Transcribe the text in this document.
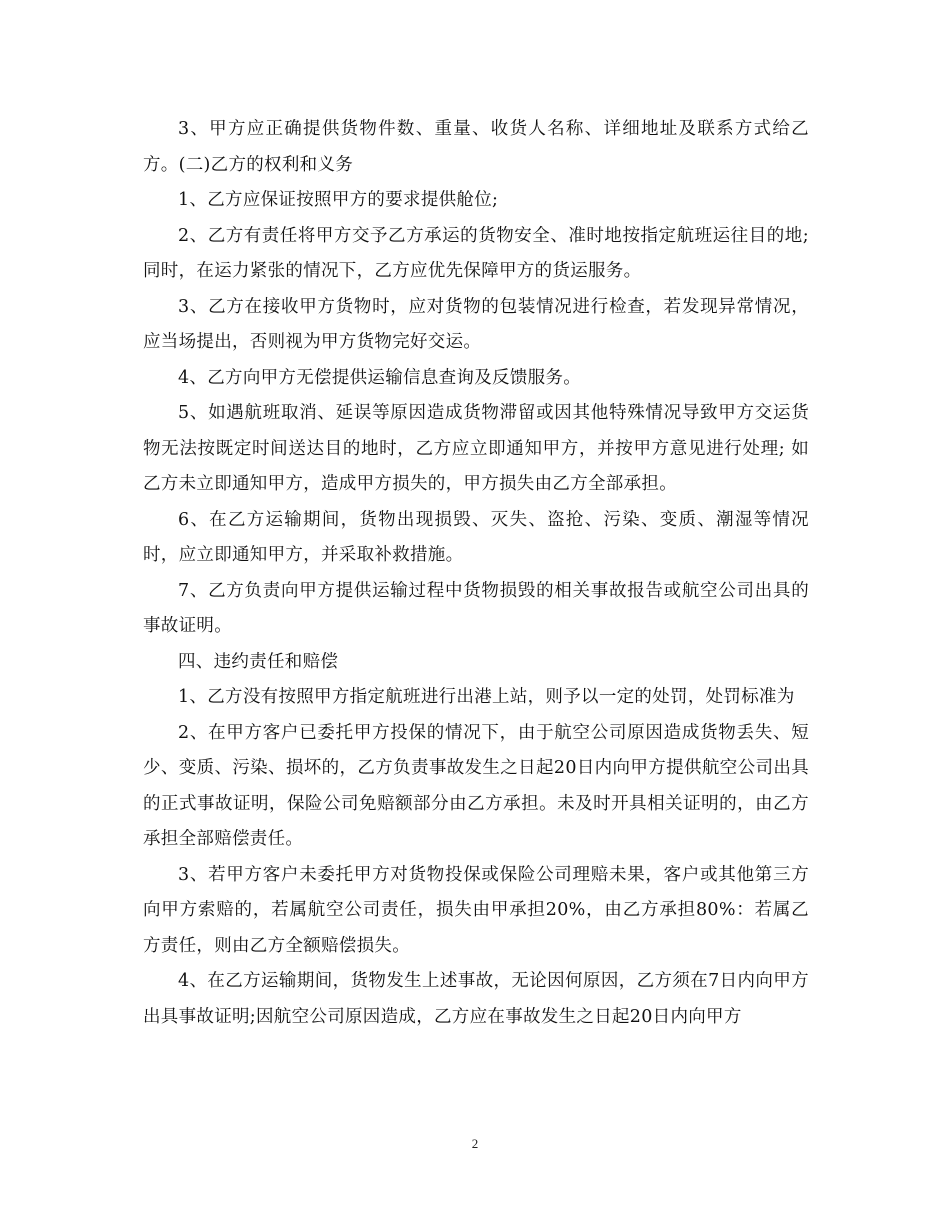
3、甲方应正确提供货物件数、重量、收货人名称、详细地址及联系方式给乙方。(二)乙方的权利和义务

1、乙方应保证按照甲方的要求提供舱位;

2、乙方有责任将甲方交予乙方承运的货物安全、准时地按指定航班运往目的地;同时，在运力紧张的情况下，乙方应优先保障甲方的货运服务。

3、乙方在接收甲方货物时，应对货物的包装情况进行检查，若发现异常情况，应当场提出，否则视为甲方货物完好交运。

4、乙方向甲方无偿提供运输信息查询及反馈服务。

5、如遇航班取消、延误等原因造成货物滞留或因其他特殊情况导致甲方交运货物无法按既定时间送达目的地时，乙方应立即通知甲方，并按甲方意见进行处理; 如乙方未立即通知甲方，造成甲方损失的，甲方损失由乙方全部承担。

6、在乙方运输期间，货物出现损毁、灭失、盗抢、污染、变质、潮湿等情况时，应立即通知甲方，并采取补救措施。

7、乙方负责向甲方提供运输过程中货物损毁的相关事故报告或航空公司出具的事故证明。

四、违约责任和赔偿

1、乙方没有按照甲方指定航班进行出港上站，则予以一定的处罚，处罚标准为

2、在甲方客户已委托甲方投保的情况下，由于航空公司原因造成货物丢失、短少、变质、污染、损坏的，乙方负责事故发生之日起20日内向甲方提供航空公司出具的正式事故证明，保险公司免赔额部分由乙方承担。未及时开具相关证明的，由乙方承担全部赔偿责任。

3、若甲方客户未委托甲方对货物投保或保险公司理赔未果，客户或其他第三方向甲方索赔的，若属航空公司责任，损失由甲承担20%，由乙方承担80%：若属乙方责任，则由乙方全额赔偿损失。

4、在乙方运输期间，货物发生上述事故，无论因何原因，乙方须在7日内向甲方出具事故证明;因航空公司原因造成，乙方应在事故发生之日起20日内向甲方

2
